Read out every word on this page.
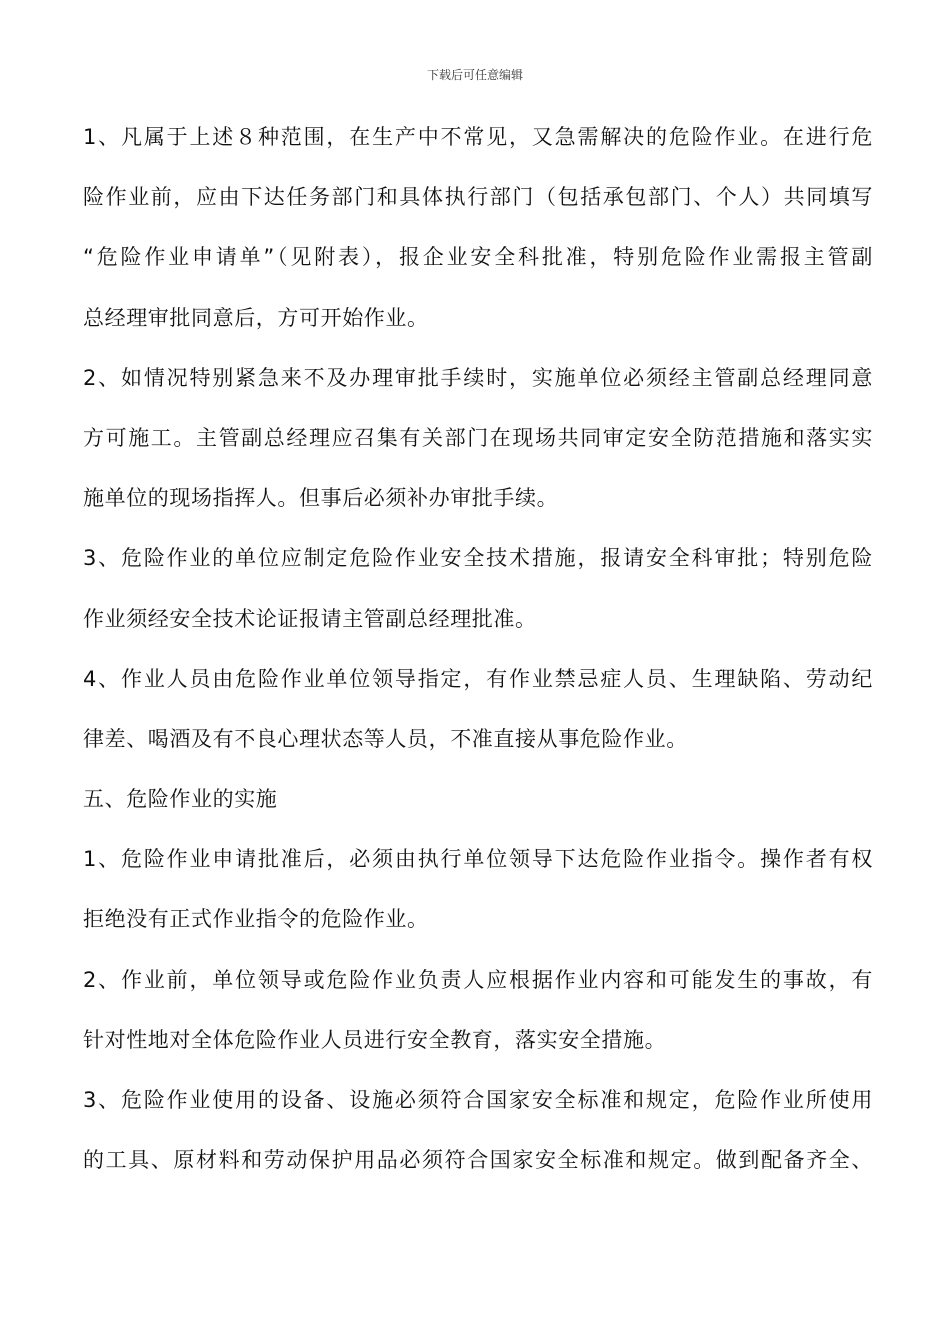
下载后可任意编辑
1、凡属于上述８种范围，在生产中不常见，又急需解决的危险作业。在进行危
险作业前，应由下达任务部门和具体执行部门（包括承包部门、个人）共同填写
“危险作业申请单”（见附表），报企业安全科批准，特别危险作业需报主管副
总经理审批同意后，方可开始作业。
2、如情况特别紧急来不及办理审批手续时，实施单位必须经主管副总经理同意
方可施工。主管副总经理应召集有关部门在现场共同审定安全防范措施和落实实
施单位的现场指挥人。但事后必须补办审批手续。
3、危险作业的单位应制定危险作业安全技术措施，报请安全科审批；特别危险
作业须经安全技术论证报请主管副总经理批准。
4、作业人员由危险作业单位领导指定，有作业禁忌症人员、生理缺陷、劳动纪
律差、喝酒及有不良心理状态等人员，不准直接从事危险作业。
五、危险作业的实施
1、危险作业申请批准后，必须由执行单位领导下达危险作业指令。操作者有权
拒绝没有正式作业指令的危险作业。
2、作业前，单位领导或危险作业负责人应根据作业内容和可能发生的事故，有
针对性地对全体危险作业人员进行安全教育，落实安全措施。
3、危险作业使用的设备、设施必须符合国家安全标准和规定，危险作业所使用
的工具、原材料和劳动保护用品必须符合国家安全标准和规定。做到配备齐全、
